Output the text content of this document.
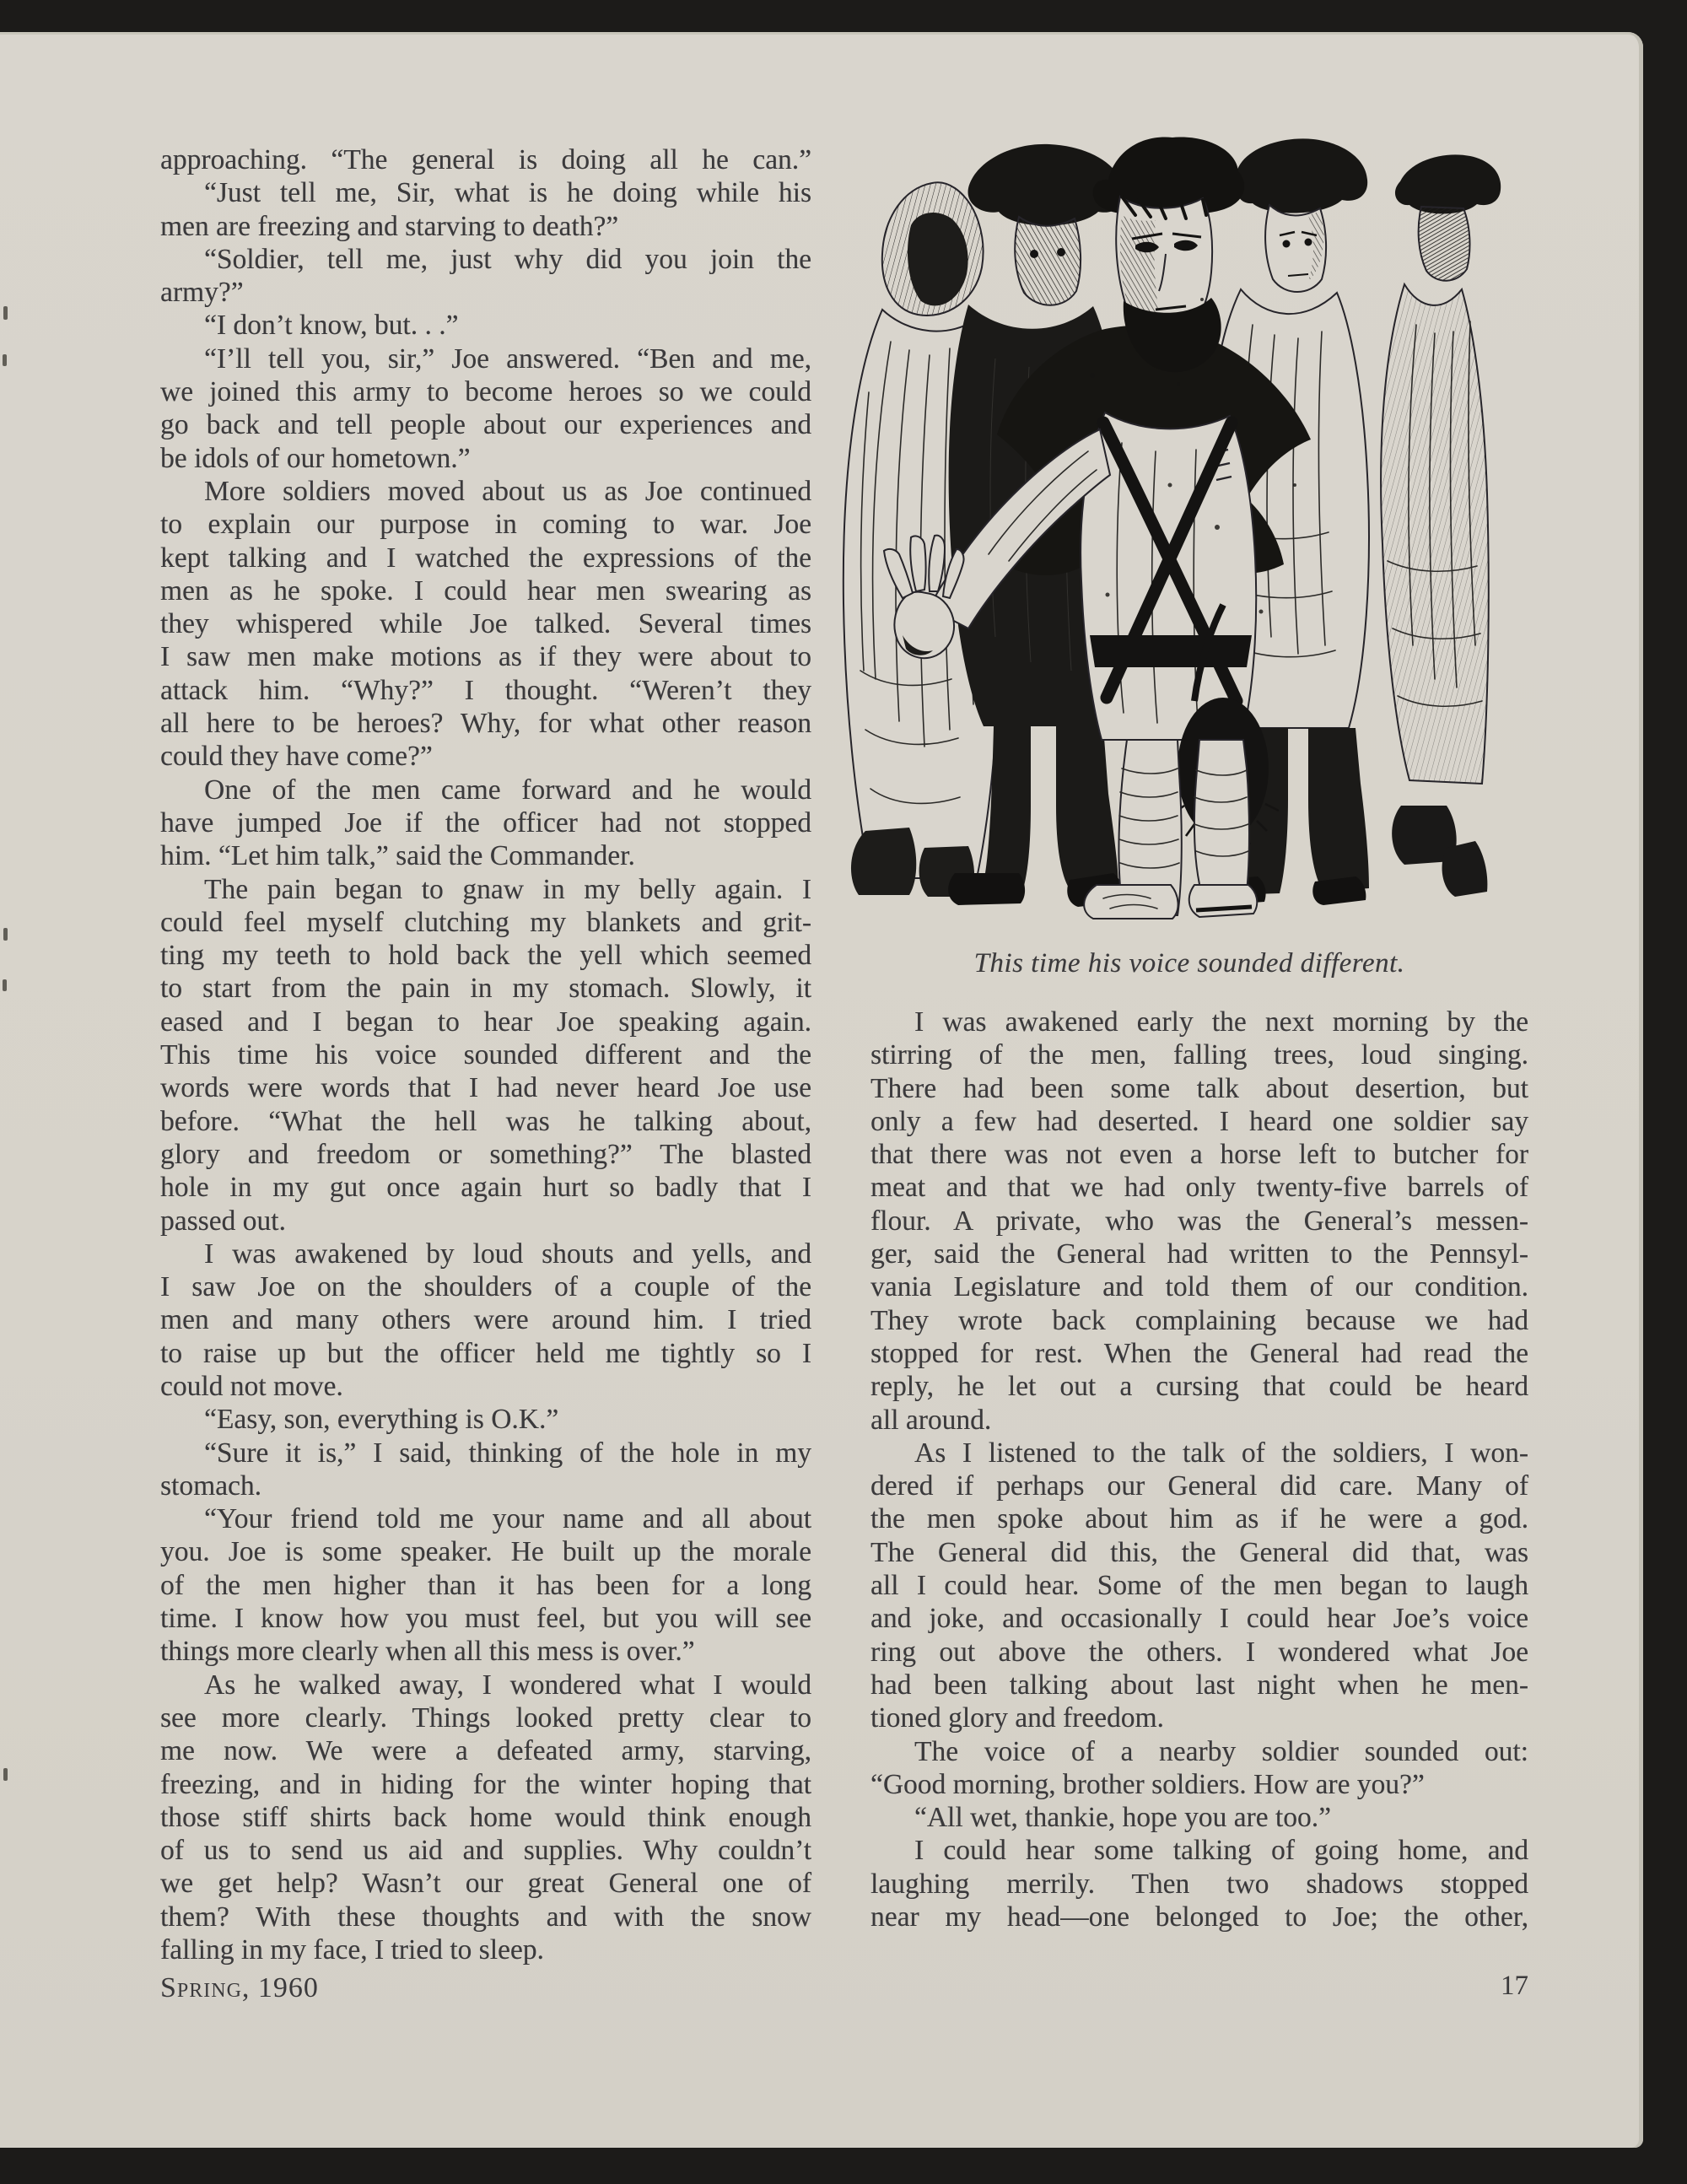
approaching. “The general is doing all he can.”
“Just tell me, Sir, what is he doing while his
men are freezing and starving to death?”
“Soldier, tell me, just why did you join the
army?”
“I don’t know, but. . .”
“I’ll tell you, sir,” Joe answered. “Ben and me,
we joined this army to become heroes so we could
go back and tell people about our experiences and
be idols of our hometown.”
More soldiers moved about us as Joe continued
to explain our purpose in coming to war. Joe
kept talking and I watched the expressions of the
men as he spoke. I could hear men swearing as
they whispered while Joe talked. Several times
I saw men make motions as if they were about to
attack him. “Why?” I thought. “Weren’t they
all here to be heroes? Why, for what other reason
could they have come?”
One of the men came forward and he would
have jumped Joe if the officer had not stopped
him. “Let him talk,” said the Commander.
The pain began to gnaw in my belly again. I
could feel myself clutching my blankets and grit-
ting my teeth to hold back the yell which seemed
to start from the pain in my stomach. Slowly, it
eased and I began to hear Joe speaking again.
This time his voice sounded different and the
words were words that I had never heard Joe use
before. “What the hell was he talking about,
glory and freedom or something?” The blasted
hole in my gut once again hurt so badly that I
passed out.
I was awakened by loud shouts and yells, and
I saw Joe on the shoulders of a couple of the
men and many others were around him. I tried
to raise up but the officer held me tightly so I
could not move.
“Easy, son, everything is O.K.”
“Sure it is,” I said, thinking of the hole in my
stomach.
“Your friend told me your name and all about
you. Joe is some speaker. He built up the morale
of the men higher than it has been for a long
time. I know how you must feel, but you will see
things more clearly when all this mess is over.”
As he walked away, I wondered what I would
see more clearly. Things looked pretty clear to
me now. We were a defeated army, starving,
freezing, and in hiding for the winter hoping that
those stiff shirts back home would think enough
of us to send us aid and supplies. Why couldn’t
we get help? Wasn’t our great General one of
them? With these thoughts and with the snow
falling in my face, I tried to sleep.
This time his voice sounded different.
I was awakened early the next morning by the
stirring of the men, falling trees, loud singing.
There had been some talk about desertion, but
only a few had deserted. I heard one soldier say
that there was not even a horse left to butcher for
meat and that we had only twenty-five barrels of
flour. A private, who was the General’s messen-
ger, said the General had written to the Pennsyl-
vania Legislature and told them of our condition.
They wrote back complaining because we had
stopped for rest. When the General had read the
reply, he let out a cursing that could be heard
all around.
As I listened to the talk of the soldiers, I won-
dered if perhaps our General did care. Many of
the men spoke about him as if he were a god.
The General did this, the General did that, was
all I could hear. Some of the men began to laugh
and joke, and occasionally I could hear Joe’s voice
ring out above the others. I wondered what Joe
had been talking about last night when he men-
tioned glory and freedom.
The voice of a nearby soldier sounded out:
“Good morning, brother soldiers. How are you?”
“All wet, thankie, hope you are too.”
I could hear some talking of going home, and
laughing merrily. Then two shadows stopped
near my head—one belonged to Joe; the other,
Spring, 1960	17
